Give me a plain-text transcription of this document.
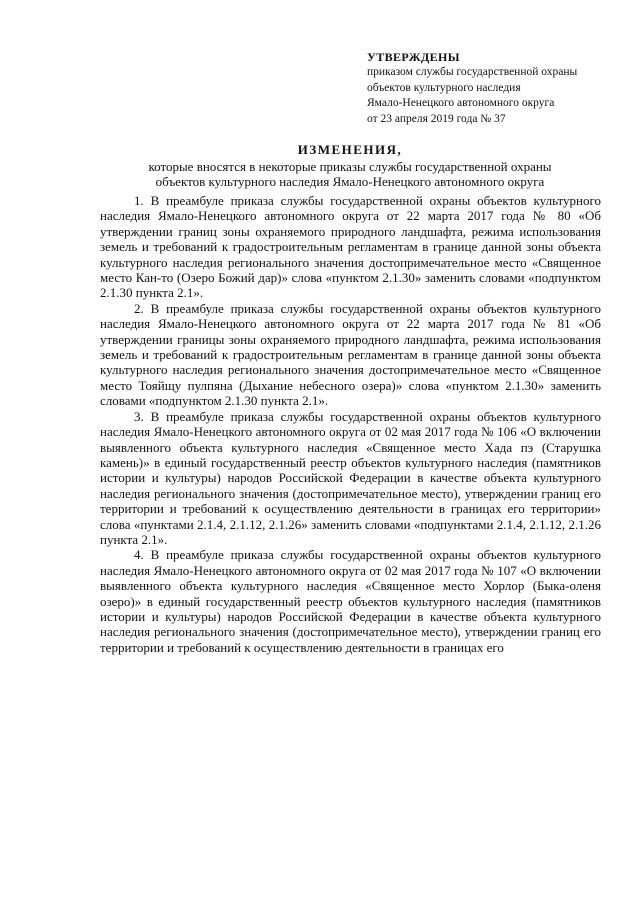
УТВЕРЖДЕНЫ
приказом службы государственной охраны
объектов культурного наследия
Ямало-Ненецкого автономного округа
от 23 апреля 2019 года № 37
ИЗМЕНЕНИЯ,
которые вносятся в некоторые приказы службы государственной охраны
объектов культурного наследия Ямало-Ненецкого автономного округа

1. В преамбуле приказа службы государственной охраны объектов культурного наследия Ямало-Ненецкого автономного округа от 22 марта 2017 года № 80 «Об утверждении границ зоны охраняемого природного ландшафта, режима использования земель и требований к градостроительным регламентам в границе данной зоны объекта культурного наследия регионального значения достопримечательное место «Священное место Кан-то (Озеро Божий дар)» слова «пунктом 2.1.30» заменить словами «подпунктом 2.1.30 пункта 2.1».

2. В преамбуле приказа службы государственной охраны объектов культурного наследия Ямало-Ненецкого автономного округа от 22 марта 2017 года № 81 «Об утверждении границы зоны охраняемого природного ландшафта, режима использования земель и требований к градостроительным регламентам в границе данной зоны объекта культурного наследия регионального значения достопримечательное место «Священное место Тояйщу пулпяна (Дыхание небесного озера)» слова «пунктом 2.1.30» заменить словами «подпунктом 2.1.30 пункта 2.1».

3. В преамбуле приказа службы государственной охраны объектов культурного наследия Ямало-Ненецкого автономного округа от 02 мая 2017 года № 106 «О включении выявленного объекта культурного наследия «Священное место Хада пэ (Старушка камень)» в единый государственный реестр объектов культурного наследия (памятников истории и культуры) народов Российской Федерации в качестве объекта культурного наследия регионального значения (достопримечательное место), утверждении границ его территории и требований к осуществлению деятельности в границах его территории» слова «пунктами 2.1.4, 2.1.12, 2.1.26» заменить словами «подпунктами 2.1.4, 2.1.12, 2.1.26 пункта 2.1».

4. В преамбуле приказа службы государственной охраны объектов культурного наследия Ямало-Ненецкого автономного округа от 02 мая 2017 года № 107 «О включении выявленного объекта культурного наследия «Священное место Хорлор (Быка-оленя озеро)» в единый государственный реестр объектов культурного наследия (памятников истории и культуры) народов Российской Федерации в качестве объекта культурного наследия регионального значения (достопримечательное место), утверждении границ его территории и требований к осуществлению деятельности в границах его
